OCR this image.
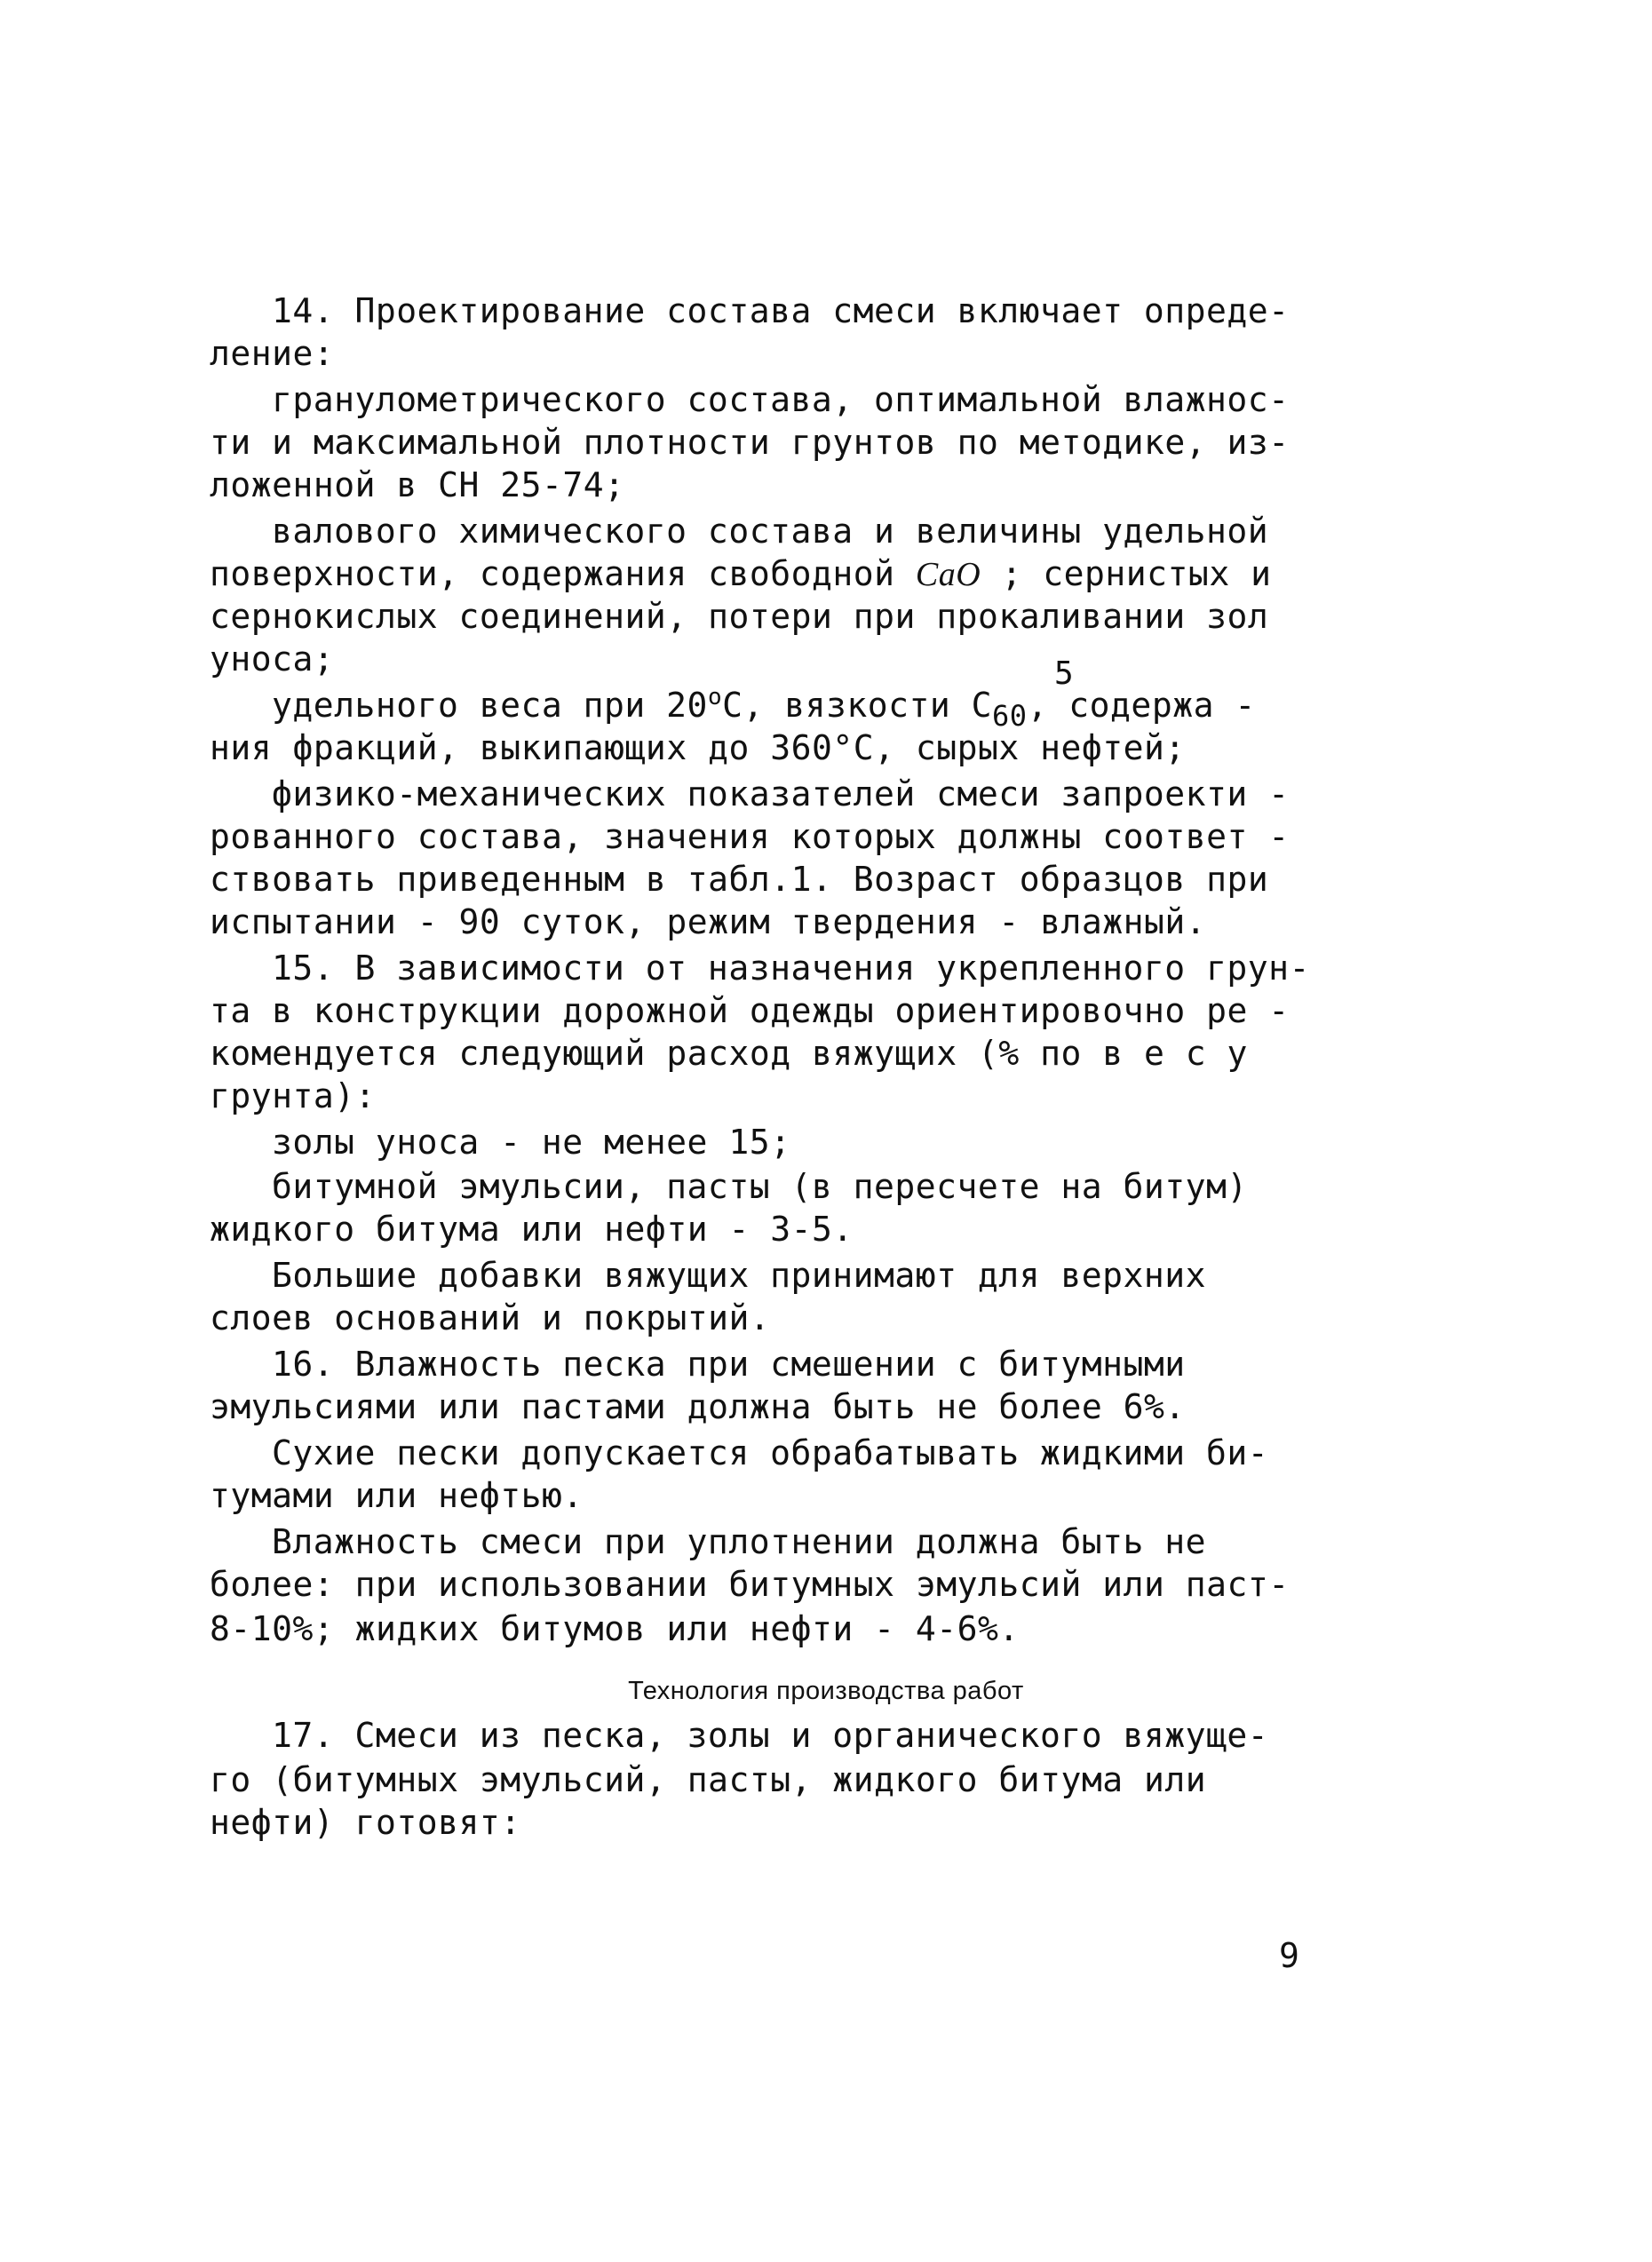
14. Проектирование состава смеси включает опреде-
ление:
гранулометрического состава, оптимальной влажнос-
ти и максимальной плотности грунтов по методике, из-
ложенной в СН 25-74;
валового химического состава и величины удельной
поверхности, содержания свободной CaO ; сернистых и
сернокислых соединений, потери при прокаливании зол
уноса;	5
удельного веса при 20$^o$С, вязкости $С_{60}$, содержа -
ния фракций, выкипающих до 360°С, сырых нефтей;
физико-механических показателей смеси запроекти -
рованного состава, значения которых должны соответ -
ствовать приведенным в табл.1. Возраст образцов при
испытании - 90 суток, режим твердения - влажный.
15. В зависимости от назначения укрепленного грун-
та в конструкции дорожной одежды ориентировочно ре -
комендуется следующий расход вяжущих (% по в е с у
грунта):
золы уноса - не менее 15;
битумной эмульсии, пасты (в пересчете на битум)
жидкого битума или нефти - 3-5.
Большие добавки вяжущих принимают для верхних
слоев оснований и покрытий.
16. Влажность песка при смешении с битумными
эмульсиями или пастами должна быть не более 6%.
Сухие пески допускается обрабатывать жидкими би-
тумами или нефтью.
Влажность смеси при уплотнении должна быть не
более: при использовании битумных эмульсий или паст-
8-10%; жидких битумов или нефти - 4-6%.
Технология производства работ
17. Смеси из песка, золы и органического вяжуще-
го (битумных эмульсий, пасты, жидкого битума или
нефти) готовят:
9
